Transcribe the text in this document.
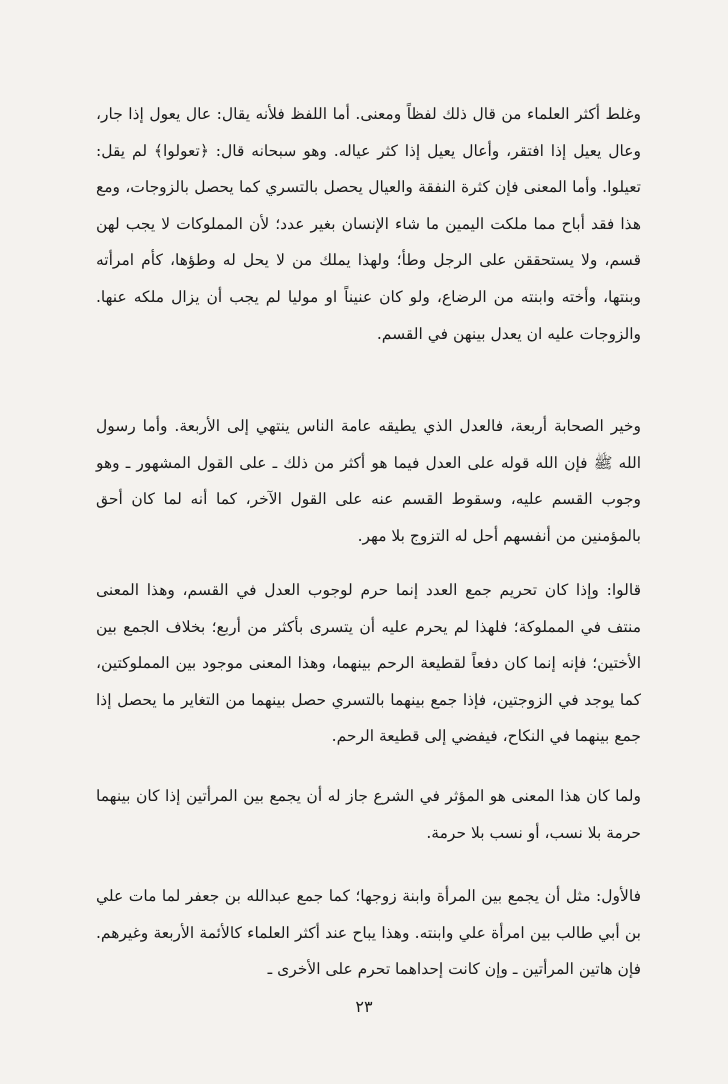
وغلط أكثر العلماء من قال ذلك لفظاً ومعنى. أما اللفظ فلأنه يقال: عال يعول إذا جار، وعال يعيل إذا افتقر، وأعال يعيل إذا كثر عياله. وهو سبحانه قال: ﴿تعولوا﴾ لم يقل: تعيلوا. وأما المعنى فإن كثرة النفقة والعيال يحصل بالتسري كما يحصل بالزوجات، ومع هذا فقد أباح مما ملكت اليمين ما شاء الإنسان بغير عدد؛ لأن المملوكات لا يجب لهن قسم، ولا يستحققن على الرجل وطأ؛ ولهذا يملك من لا يحل له وطؤها، كأم امرأته وبنتها، وأخته وابنته من الرضاع، ولو كان عنيناً او موليا لم يجب أن يزال ملكه عنها. والزوجات عليه ان يعدل بينهن في القسم.

وخير الصحابة أربعة، فالعدل الذي يطيقه عامة الناس ينتهي إلى الأربعة. وأما رسول الله ﷺ فإن الله قوله على العدل فيما هو أكثر من ذلك ـ على القول المشهور ـ وهو وجوب القسم عليه، وسقوط القسم عنه على القول الآخر، كما أنه لما كان أحق بالمؤمنين من أنفسهم أحل له التزوج بلا مهر.

قالوا: وإذا كان تحريم جمع العدد إنما حرم لوجوب العدل في القسم، وهذا المعنى منتف في المملوكة؛ فلهذا لم يحرم عليه أن يتسرى بأكثر من أربع؛ بخلاف الجمع بين الأختين؛ فإنه إنما كان دفعاً لقطيعة الرحم بينهما، وهذا المعنى موجود بين المملوكتين، كما يوجد في الزوجتين، فإذا جمع بينهما بالتسري حصل بينهما من التغاير ما يحصل إذا جمع بينهما في النكاح، فيفضي إلى قطيعة الرحم.

ولما كان هذا المعنى هو المؤثر في الشرع جاز له أن يجمع بين المرأتين إذا كان بينهما حرمة بلا نسب، أو نسب بلا حرمة.

فالأول: مثل أن يجمع بين المرأة وابنة زوجها؛ كما جمع عبدالله بن جعفر لما مات علي بن أبي طالب بين امرأة علي وابنته. وهذا يباح عند أكثر العلماء كالأئمة الأربعة وغيرهم. فإن هاتين المرأتين ـ وإن كانت إحداهما تحرم على الأخرى ـ

٢٣
